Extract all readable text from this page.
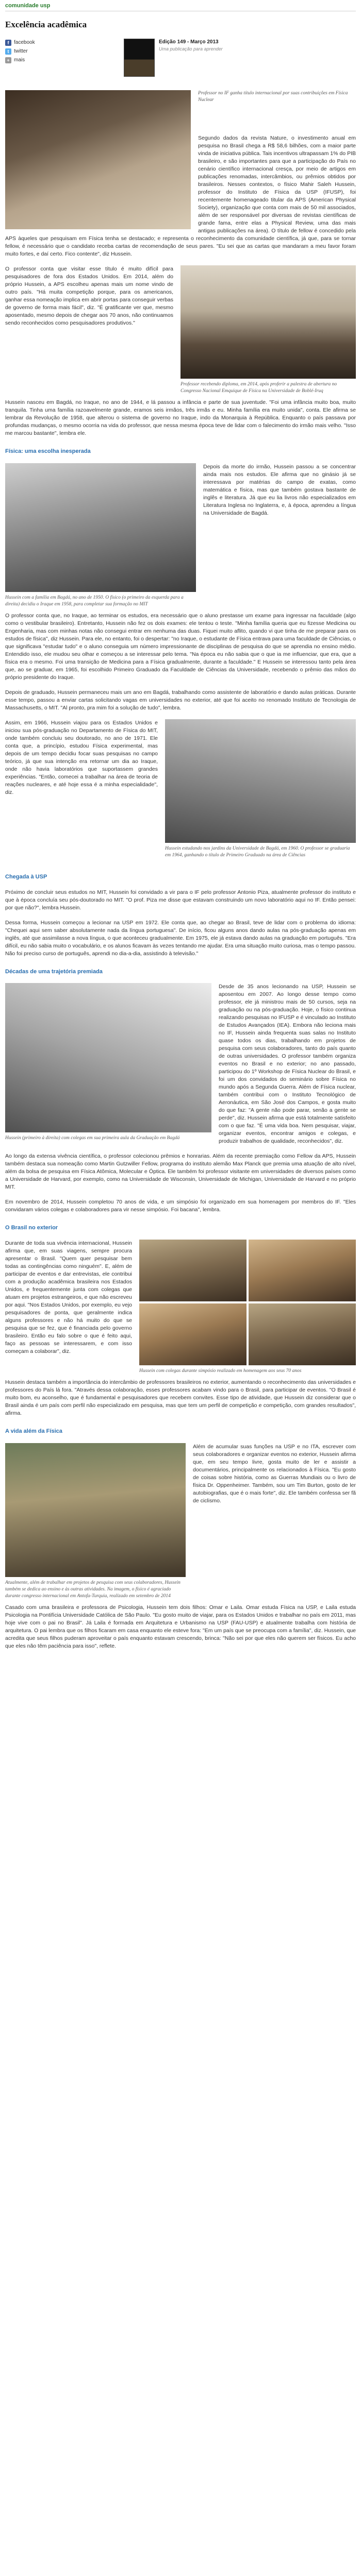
comunidade usp
Excelência acadêmica
f facebook
t twitter
+ mais
Edição 149 - Março 2013
Uma publicação para aprender

Professor no IF ganha título internacional por suas contribuições em Física Nuclear

Segundo dados da revista Nature, o investimento anual em pesquisa no Brasil chega a R$ 58,6 bilhões, com a maior parte vinda de iniciativa pública. Tais incentivos ultrapassam 1% do PIB brasileiro, e são importantes para que a participação do País no cenário científico internacional cresça, por meio de artigos em publicações renomadas, intercâmbios, ou prêmios obtidos por brasileiros. Nesses contextos, o físico Mahir Saleh Hussein, professor do Instituto de Física da USP (IFUSP), foi recentemente homenageado titular da APS (American Physical Society), organização que conta com mais de 50 mil associados, além de ser responsável por diversas de revistas científicas de grande fama, entre elas a Physical Review, uma das mais antigas publicações na área). O título de fellow é concedido pela APS àqueles que pesquisam em Física tenha se destacado; e representa o reconhecimento da comunidade científica, já que, para se tornar fellow, é necessário que o candidato receba cartas de recomendação de seus pares. "Eu sei que as cartas que mandaram a meu favor foram muito fortes, e daí certo. Fico contente", diz Hussein.

Professor recebendo diploma, em 2014, após proferir a palestra de abertura no Congresso Nacional Emquique de Física na Universidade de Boblé-Iruq

O professor conta que visitar esse título é muito difícil para pesquisadores de fora dos Estados Unidos. Em 2014, além do próprio Hussein, a APS escolheu apenas mais um nome vindo de outro país. "Há muita competição porque, para os americanos, ganhar essa nomeação implica em abrir portas para conseguir verbas de governo de forma mais fácil", diz. "É gratificante ver que, mesmo aposentado, mesmo depois de chegar aos 70 anos, não continuamos sendo reconhecidos como pesquisadores produtivos."

Hussein nasceu em Bagdá, no Iraque, no ano de 1944, e lá passou a infância e parte de sua juventude. "Foi uma infância muito boa, muito tranquila. Tinha uma família razoavelmente grande, eramos seis irmãos, três irmãs e eu. Minha família era muito unida", conta. Ele afirma se lembrar da Revolução de 1958, que alterou o sistema de governo no Iraque, indo da Monarquia à República. Enquanto o país passava por profundas mudanças, o mesmo ocorria na vida do professor, que nessa mesma época teve de lidar com o falecimento do irmão mais velho. "Isso me marcou bastante", lembra ele.

Física: uma escolha inesperada
Hussein com a família em Bagdá, no ano de 1950. O físico (o primeiro da esquerda para a direita) decidiu o Iraque em 1958, para completar sua formação no MIT

Depois da morte do irmão, Hussein passou a se concentrar ainda mais nos estudos. Ele afirma que no ginásio já se interessava por matérias do campo de exatas, como matemática e física, mas que também gostava bastante de inglês e literatura. Já que eu lia livros não especializados em Literatura Inglesa no Inglaterra, e, à época, aprendeu a língua na Universidade de Bagdá.

O professor conta que, no Iraque, ao terminar os estudos, era necessário que o aluno prestasse um exame para ingressar na faculdade (algo como o vestibular brasileiro). Entretanto, Hussein não fez os dois exames: ele tentou o teste. "Minha família queria que eu fizesse Medicina ou Engenharia, mas com minhas notas não consegui entrar em nenhuma das duas. Fiquei muito aflito, quando vi que tinha de me preparar para os estudos de física", diz Hussein. Para ele, no entanto, foi o despertar: "no Iraque, o estudante de Física entrava para uma faculdade de Ciências, o que significava "estudar tudo" e o aluno conseguia um número impressionante de disciplinas de pesquisa do que se aprendia no ensino médio. Entendido isso, ele mudou seu olhar e começou a se interessar pelo tema. "Na época eu não sabia que o que ia me influenciar, que era, que a física era o mesmo. Foi uma transição de Medicina para a Física gradualmente, durante a faculdade." E Hussein se interessou tanto pela área que, ao se graduar, em 1965, foi escolhido Primeiro Graduado da Faculdade de Ciências da Universidade, recebendo o prêmio das mãos do próprio presidente do Iraque.

Depois de graduado, Hussein permaneceu mais um ano em Bagdá, trabalhando como assistente de laboratório e dando aulas práticas. Durante esse tempo, passou a enviar cartas solicitando vagas em universidades no exterior, até que foi aceito no renomado Instituto de Tecnologia de Massachusetts, o MIT. "Al pronto, pra mim foi a solução de tudo", lembra.

Hussein estudando nos jardins da Universidade de Bagdá, em 1960. O professor se graduaria em 1964, ganhando o título de Primeiro Graduado na área de Ciências

Assim, em 1966, Hussein viajou para os Estados Unidos e iniciou sua pós-graduação no Departamento de Física do MIT, onde também concluiu seu doutorado, no ano de 1971. Ele conta que, a princípio, estudou Física experimental, mas depois de um tempo decidiu focar suas pesquisas no campo teórico, já que sua intenção era retornar um dia ao Iraque, onde não havia laboratórios que suportassem grandes experiências. "Então, comecei a trabalhar na área de teoria de reações nucleares, e até hoje essa é a minha especialidade", diz.

Chegada à USP

Próximo de concluir seus estudos no MIT, Hussein foi convidado a vir para o IF pelo professor Antonio Piza, atualmente professor do instituto e que à época concluía seu pós-doutorado no MIT. "O prof. Piza me disse que estavam construindo um novo laboratório aqui no IF. Então pensei: por que não?", lembra Hussein.

Dessa forma, Hussein começou a lecionar na USP em 1972. Ele conta que, ao chegar ao Brasil, teve de lidar com o problema do idioma: "Chequei aqui sem saber absolutamente nada da língua portuguesa". De início, ficou alguns anos dando aulas na pós-graduação apenas em inglês, até que assimilasse a nova língua, o que aconteceu gradualmente. Em 1975, ele já estava dando aulas na graduação em português. "Era difícil, eu não sabia muito o vocabulário, e os alunos ficavam às vezes tentando me ajudar. Era uma situação muito curiosa, mas o tempo passou. Não foi preciso curso de português, aprendi no dia-a-dia, assistindo à televisão."

Décadas de uma trajetória premiada
Hussein (primeiro à direita) com colegas em sua primeira aula da Graduação em Bagdá

Desde de 35 anos lecionando na USP, Hussein se aposentou em 2007. Ao longo desse tempo como professor, ele já ministrou mais de 50 cursos, seja na graduação ou na pós-graduação. Hoje, o físico continua realizando pesquisas no IFUSP e é vinculado ao Instituto de Estudos Avançados (IEA). Embora não leciona mais no IF, Hussein ainda frequenta suas salas no Instituto quase todos os dias, trabalhando em projetos de pesquisa com seus colaboradores, tanto do país quanto de outras universidades. O professor também organiza eventos no Brasil e no exterior; no ano passado, participou do 1º Workshop de Física Nuclear do Brasil, e foi um dos convidados do seminário sobre Física no mundo após a Segunda Guerra. Além de Física nuclear, também contribui com o Instituto Tecnológico de Aeronáutica, em São José dos Campos, e gosta muito do que faz: "A gente não pode parar, senão a gente se perde", diz. Hussein afirma que está totalmente satisfeito com o que faz. "É uma vida boa. Nem pesquisar, viajar, organizar eventos, encontrar amigos e colegas, e produzir trabalhos de qualidade, reconhecidos", diz.

Ao longo da extensa vivência científica, o professor colecionou prêmios e honrarias. Além da recente premiação como Fellow da APS, Hussein também destaca sua nomeação como Martin Gutzwiller Fellow, programa do instituto alemão Max Planck que premia uma atuação de alto nível, além da bolsa de pesquisa em Física Atômica, Molecular e Óptica. Ele também foi professor visitante em universidades de diversos países como a Universidade de Harvard, por exemplo, como na Universidade de Wisconsin, Universidade de Michigan, Universidade de Harvard e no próprio MIT.

Em novembro de 2014, Hussein completou 70 anos de vida, e um simpósio foi organizado em sua homenagem por membros do IF. "Eles convidaram vários colegas e colaboradores para vir nesse simpósio. Foi bacana", lembra.

O Brasil no exterior
Hussein com colegas durante simpósio realizado em homenagem aos seus 70 anos

Durante de toda sua vivência internacional, Hussein afirma que, em suas viagens, sempre procura apresentar o Brasil. "Quem quer pesquisar bem todas as contingências como ninguém". E, além de participar de eventos e dar entrevistas, ele contribui com a produção acadêmica brasileira nos Estados Unidos, e frequentemente junta com colegas que atuam em projetos estrangeiros, e que não escreveu por aqui. "Nos Estados Unidos, por exemplo, eu vejo pesquisadores de ponta, que geralmente indica alguns professores e não há muito do que se pesquisa que se fez, que é financiada pelo governo brasileiro. Então eu falo sobre o que é feito aqui, faço as pessoas se interessarem, e com isso começam a colaborar", diz.

Hussein destaca também a importância do intercâmbio de professores brasileiros no exterior, aumentando o reconhecimento das universidades e professores do País lá fora. "Através dessa colaboração, esses professores acabam vindo para o Brasil, para participar de eventos. "O Brasil é muito bom, eu aconselho, que é fundamental e pesquisadores que recebem convites. Esse tipo de atividade, que Hussein diz considerar que o Brasil ainda é um país com perfil não especializado em pesquisa, mas que tem um perfil de competição e competição, com grandes resultados", afirma.

A vida além da Física
Atualmente, além de trabalhar em projetos de pesquisa com seus colaboradores, Hussein também se dedica ao ensino e às outras atividades. Na imagem, o físico é agraciado durante congresso internacional em Antofa-Turquia, realizado em setembro de 2014

Além de acumular suas funções na USP e no ITA, escrever com seus colaboradores e organizar eventos no exterior, Hussein afirma que, em seu tempo livre, gosta muito de ler e assistir a documentários, principalmente os relacionados à Física. "Eu gosto de coisas sobre história, como as Guerras Mundiais ou o livro de física Dr. Oppenheimer. Também, sou um Tim Burton, gosto de ler autobiografias, que é o mais forte", diz. Ele também confessa ser fã de ciclismo.

Casado com uma brasileira e professora de Psicologia, Hussein tem dois filhos: Omar e Laila. Omar estuda Física na USP, e Laila estuda Psicologia na Pontifícia Universidade Católica de São Paulo. "Eu gosto muito de viajar, para os Estados Unidos e trabalhar no país em 2011, mas hoje vive com o pai no Brasil". Já Laila é formada em Arquitetura e Urbanismo na USP (FAU-USP) e atualmente trabalha com história de arquitetura. O pai lembra que os filhos ficaram em casa enquanto ele esteve fora: "Em um país que se preocupa com a família", diz. Hussein, que acredita que seus filhos puderam aproveitar o país enquanto estavam crescendo, brinca: "Não sei por que eles não querem ser físicos. Eu acho que eles não têm paciência para isso", reflete.
